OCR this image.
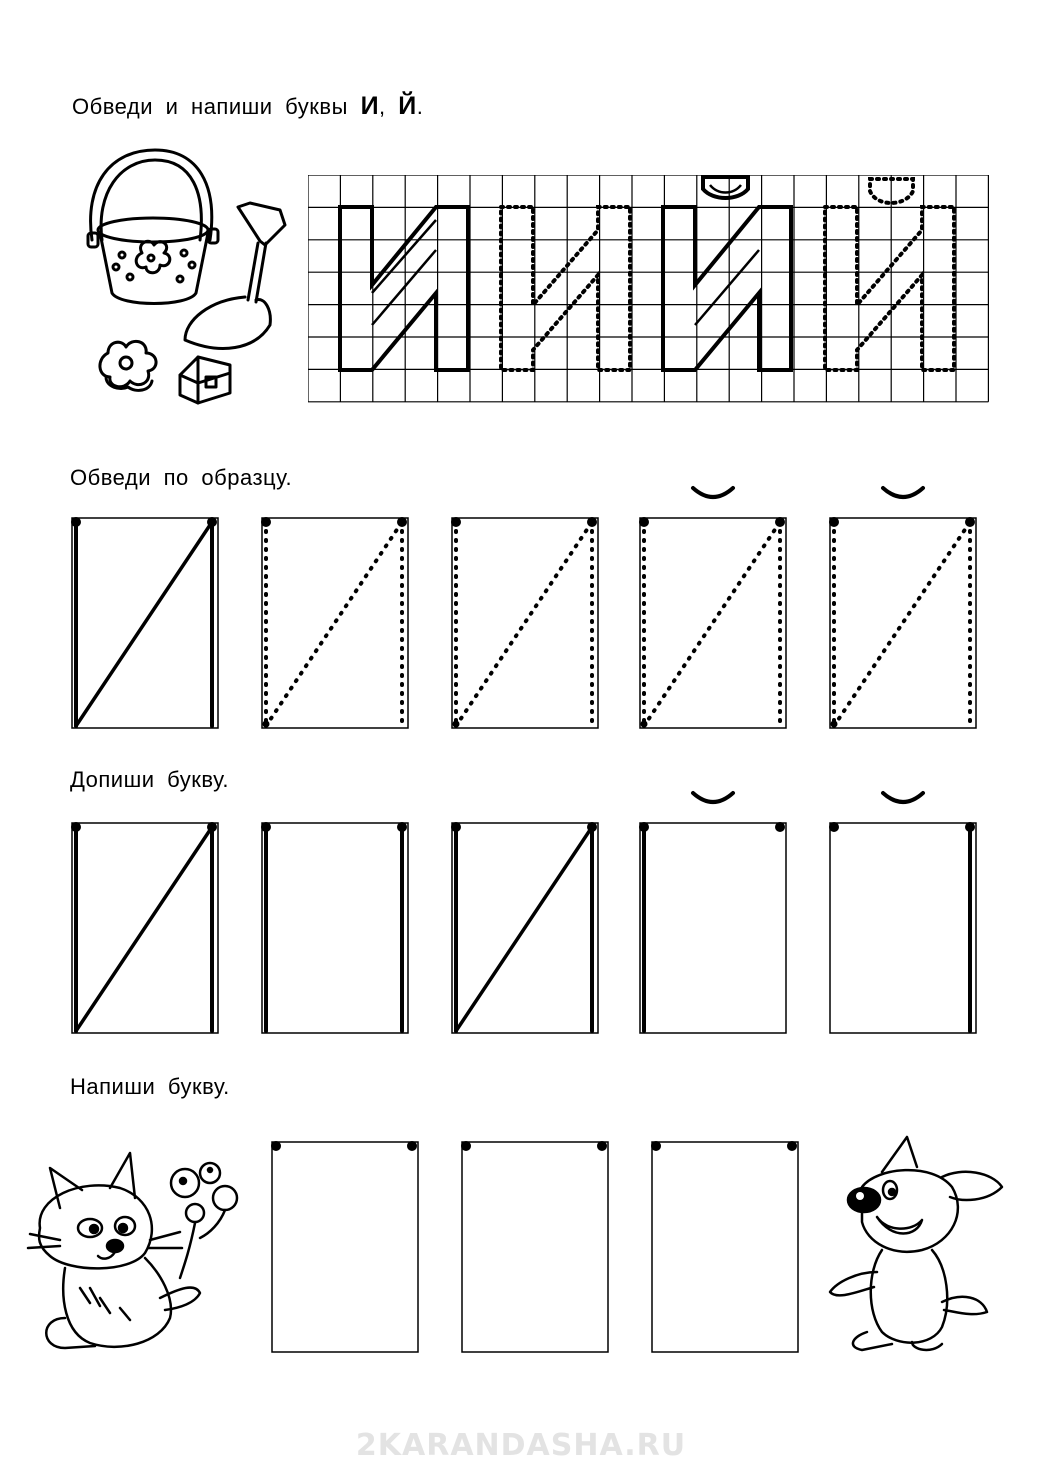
Обведи и напиши буквы И, Й.

Обведи по образцу.

Допиши букву.

Напиши букву.

2KARANDASHA.RU
